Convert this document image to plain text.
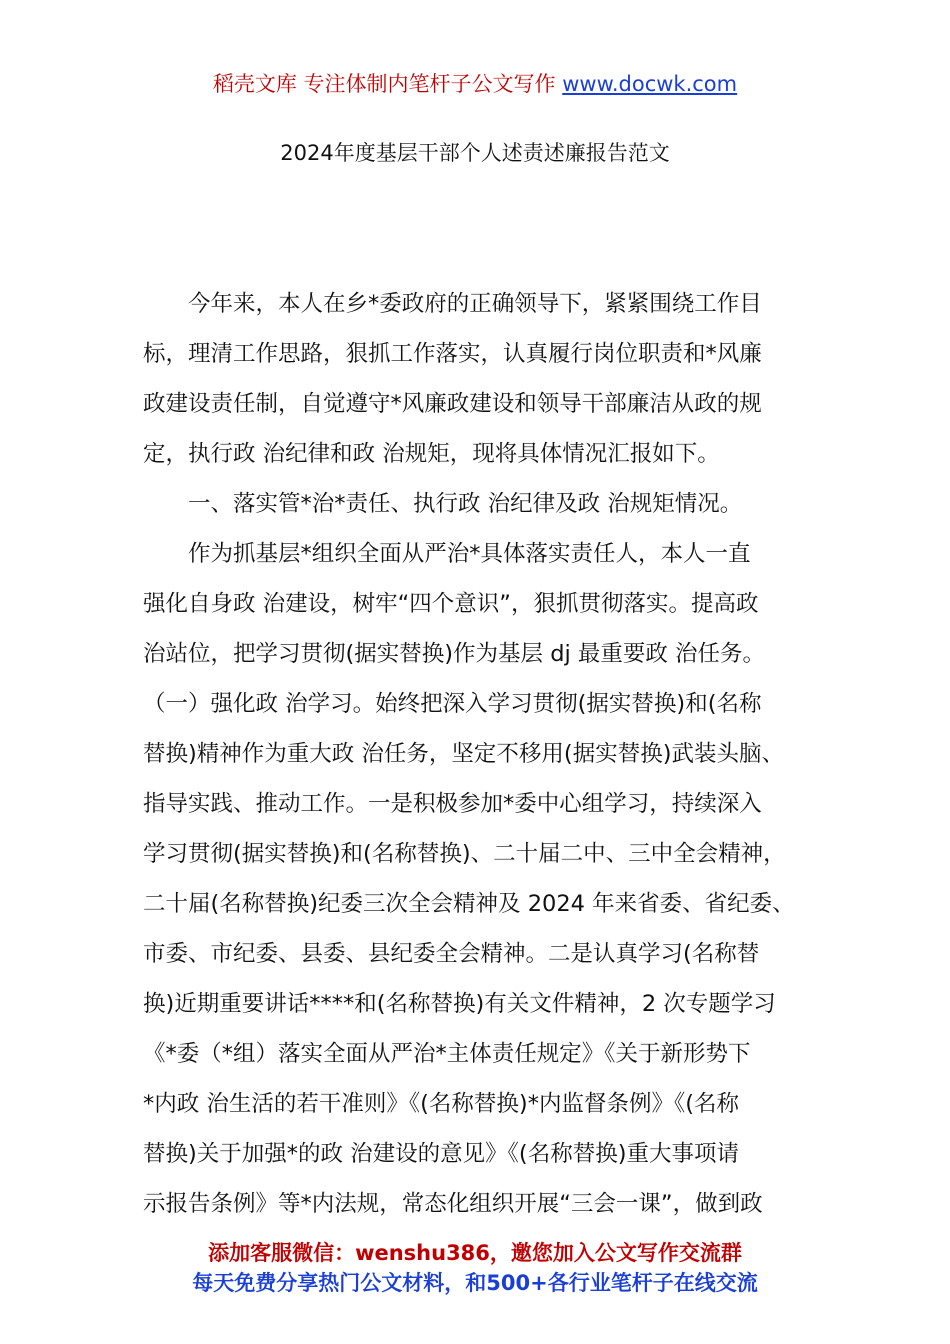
稻壳文库 专注体制内笔杆子公文写作 www.docwk.com
2024年度基层干部个人述责述廉报告范文
　　今年来，本人在乡*委政府的正确领导下，紧紧围绕工作目
标，理清工作思路，狠抓工作落实，认真履行岗位职责和*风廉
政建设责任制，自觉遵守*风廉政建设和领导干部廉洁从政的规
定，执行政 治纪律和政 治规矩，现将具体情况汇报如下。
　　一、落实管*治*责任、执行政 治纪律及政 治规矩情况。
　　作为抓基层*组织全面从严治*具体落实责任人，本人一直
强化自身政 治建设，树牢“四个意识”，狠抓贯彻落实。提高政
治站位，把学习贯彻(据实替换)作为基层 dj 最重要政 治任务。
（一）强化政 治学习。始终把深入学习贯彻(据实替换)和(名称
替换)精神作为重大政 治任务，坚定不移用(据实替换)武装头脑、
指导实践、推动工作。一是积极参加*委中心组学习，持续深入
学习贯彻(据实替换)和(名称替换)、二十届二中、三中全会精神，
二十届(名称替换)纪委三次全会精神及 2024 年来省委、省纪委、
市委、市纪委、县委、县纪委全会精神。二是认真学习(名称替
换)近期重要讲话****和(名称替换)有关文件精神，2 次专题学习
《*委（*组）落实全面从严治*主体责任规定》《关于新形势下
*内政 治生活的若干准则》《(名称替换)*内监督条例》《(名称
替换)关于加强*的政 治建设的意见》《(名称替换)重大事项请
示报告条例》等*内法规，常态化组织开展“三会一课”，做到政
添加客服微信：wenshu386，邀您加入公文写作交流群
每天免费分享热门公文材料，和500+各行业笔杆子在线交流
